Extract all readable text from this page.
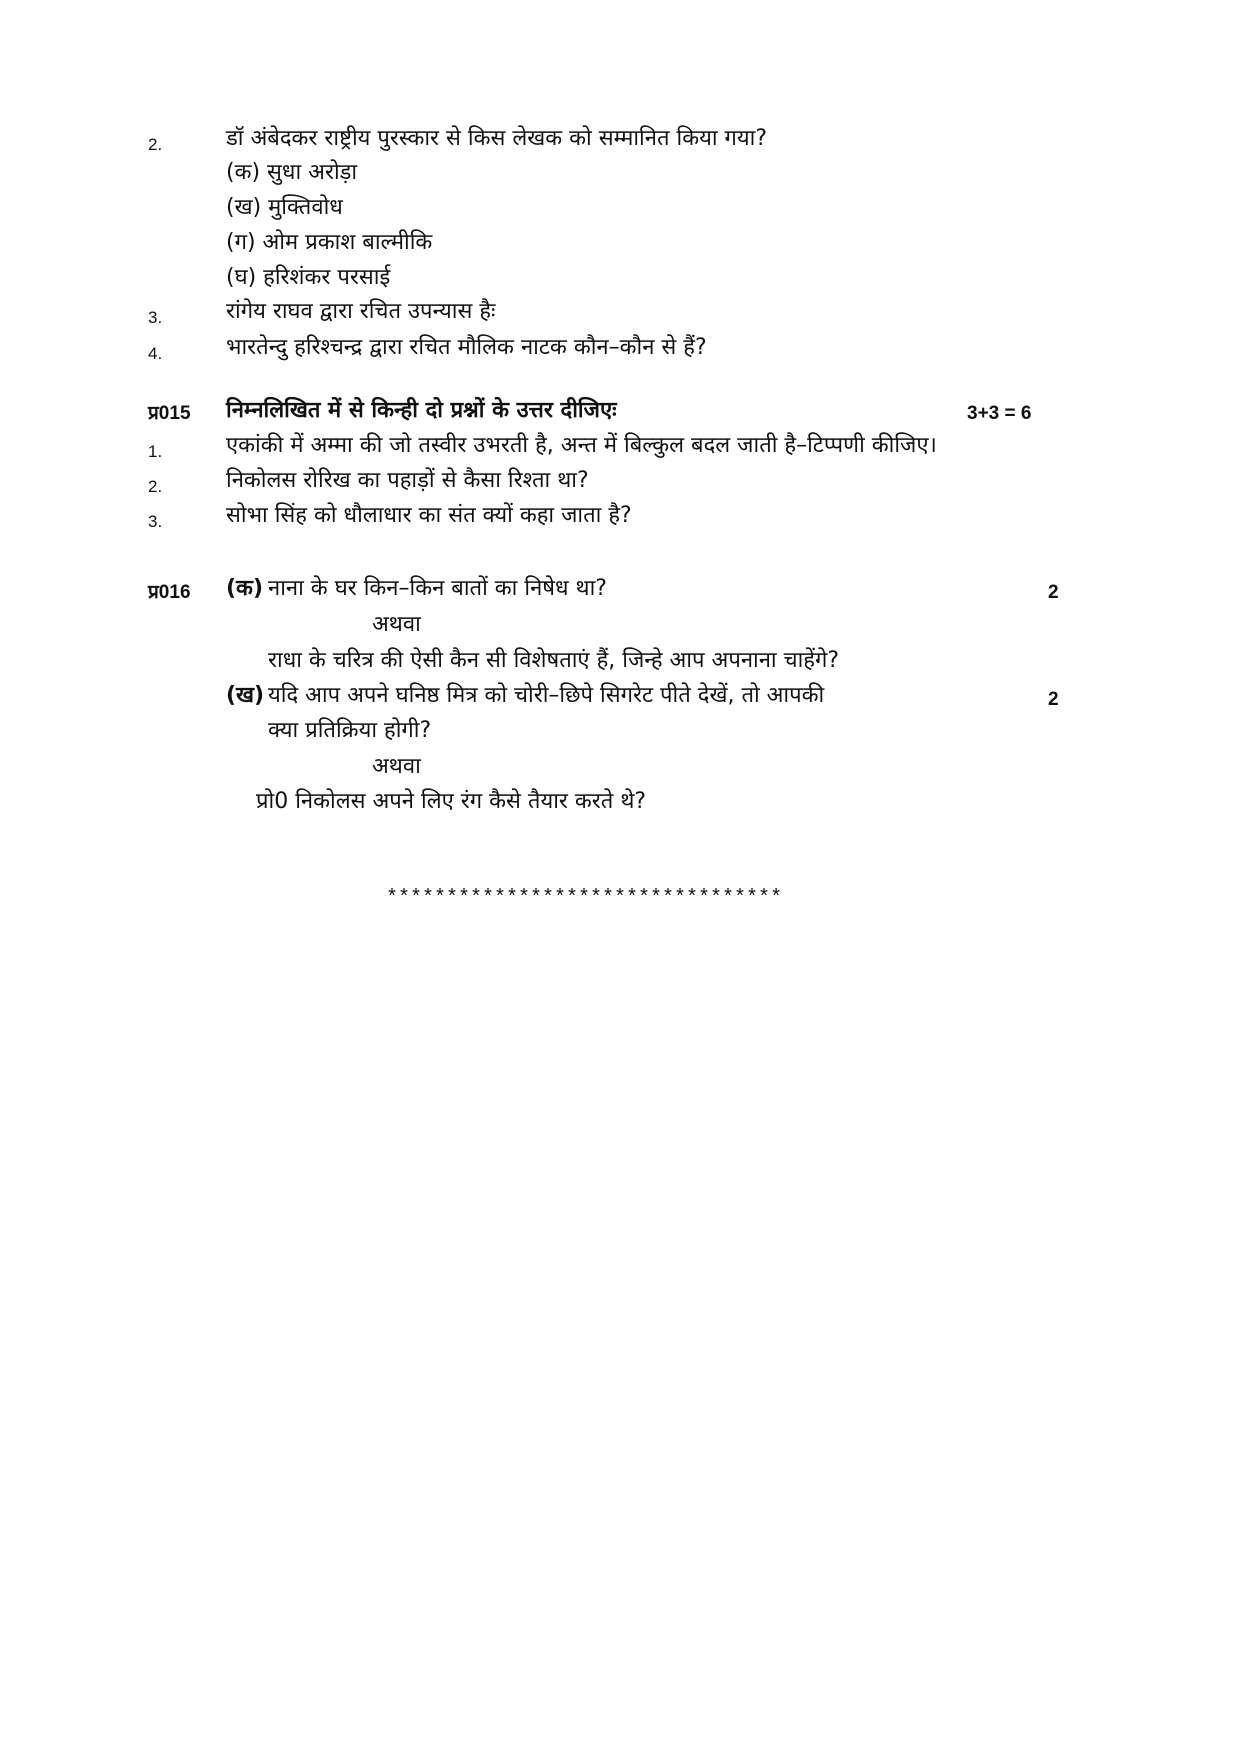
2.	डॉ अंबेदकर राष्ट्रीय पुरस्कार से किस लेखक को सम्मानित किया गया?
(क) सुधा अरोड़ा
(ख) मुक्तिवोध
(ग) ओम प्रकाश बाल्मीकि
(घ) हरिशंकर परसाई
3.	रांगेय राघव द्वारा रचित उपन्यास हैः
4.	भारतेन्दु हरिश्चन्द्र द्वारा रचित मौलिक नाटक कौन–कौन से हैं?
प्र015 निम्नलिखित में से किन्ही दो प्रश्नों के उत्तर दीजिएः	3+3 = 6
1.	एकांकी में अम्मा की जो तस्वीर उभरती है, अन्त में बिल्कुल बदल जाती है–टिप्पणी कीजिए।
2.	निकोलस रोरिख का पहाड़ों से कैसा रिश्ता था?
3.	सोभा सिंह को धौलाधार का संत क्यों कहा जाता है?
प्र016 (क) नाना के घर किन–किन बातों का निषेध था?	2
अथवा
राधा के चरित्र की ऐसी कैन सी विशेषताएं हैं, जिन्हे आप अपनाना चाहेंगे?
(ख) यदि आप अपने घनिष्ठ मित्र को चोरी–छिपे सिगरेट पीते देखें, तो आपकी	2
क्या प्रतिक्रिया होगी?
अथवा
प्रो0 निकोलस अपने लिए रंग कैसे तैयार करते थे?
*********************************
